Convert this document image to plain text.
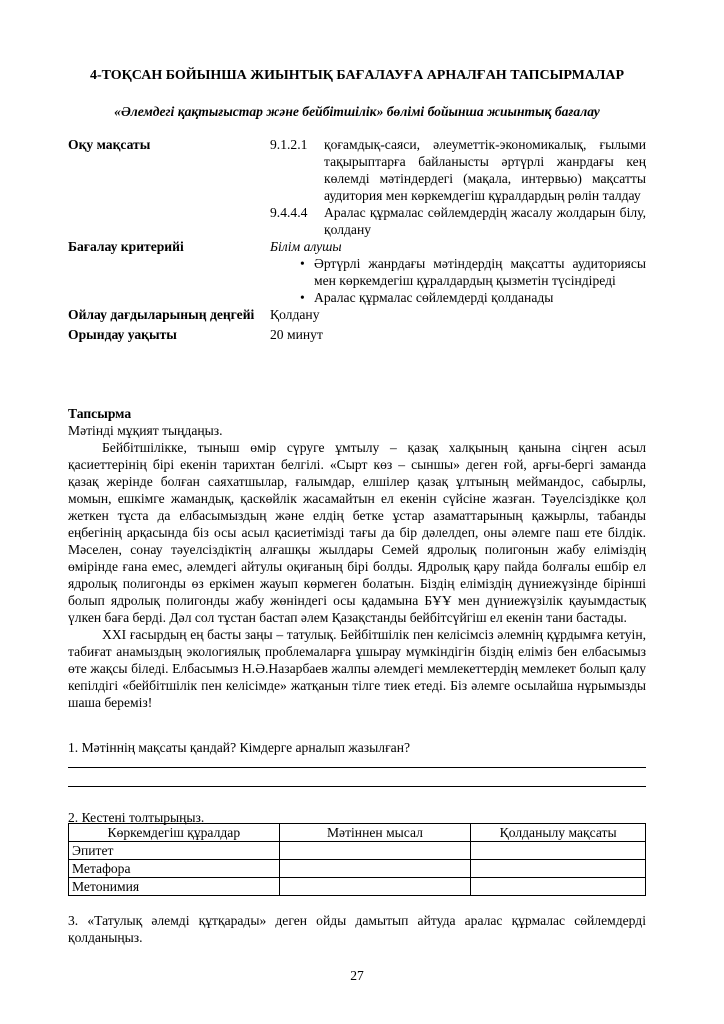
4-ТОҚСАН БОЙЫНША ЖИЫНТЫҚ БАҒАЛАУҒА АРНАЛҒАН ТАПСЫРМАЛАР
«Әлемдегі қақтығыстар және бейбітшілік» бөлімі бойынша жиынтық бағалау
Оқу мақсаты	9.1.2.1	қоғамдық-саяси, әлеуметтік-экономикалық, ғылыми тақырыптарға байланысты әртүрлі жанрдағы кең көлемді мәтіндердегі (мақала, интервью) мақсатты аудитория мен көркемдегіш құралдардың рөлін талдау
9.4.4.4	Аралас құрмалас сөйлемдердің жасалу жолдарын білу, қолдану
Бағалау критерийі	Білім алушы
• Әртүрлі жанрдағы мәтіндердің мақсатты аудиториясы мен көркемдегіш құралдардың қызметін түсіндіреді
• Аралас құрмалас сөйлемдерді қолданады
Ойлау дағдыларының деңгейі	Қолдану
Орындау уақыты	20 минут
Тапсырма
Мәтінді мұқият тыңдаңыз.

Бейбітшілікке, тыныш өмір сүруге ұмтылу – қазақ халқының қанына сіңген асыл қасиеттерінің бірі екенін тарихтан белгілі. «Сырт көз – сыншы» деген ғой, арғы-бергі заманда қазақ жерінде болған саяхатшылар, ғалымдар, елшілер қазақ ұлтының меймандос, сабырлы, момын, ешкімге жамандық, қаскөйлік жасамайтын ел екенін сүйсіне жазған. Тәуелсіздікке қол жеткен тұста да елбасымыздың және елдің бетке ұстар азаматтарының қажырлы, табанды еңбегінің арқасында біз осы асыл қасиетімізді тағы да бір дәлелдеп, оны әлемге паш ете білдік. Мәселен, сонау тәуелсіздіктің алғашқы жылдары Семей ядролық полигонын жабу еліміздің өмірінде ғана емес, әлемдегі айтулы оқиғаның бірі болды. Ядролық қару пайда болғалы ешбір ел ядролық полигонды өз еркімен жауып көрмеген болатын. Біздің еліміздің дүниежүзінде бірінші болып ядролық полигонды жабу жөніндегі осы қадамына БҰҰ мен дүниежүзілік қауымдастық үлкен баға берді. Дәл сол тұстан бастап әлем Қазақстанды бейбітсүйгіш ел екенін тани бастады.

XXI ғасырдың ең басты заңы – татулық. Бейбітшілік пен келісімсіз әлемнің құрдымға кетуін, табиғат анамыздың экологиялық проблемаларға ұшырау мүмкіндігін біздің еліміз бен елбасымыз өте жақсы біледі. Елбасымыз Н.Ә.Назарбаев жалпы әлемдегі мемлекеттердің мемлекет болып қалу кепілдігі «бейбітшілік пен келісімде» жатқанын тілге тиек етеді. Біз әлемге осылайша нұрымызды шаша береміз!

1. Мәтіннің мақсаты қандай? Кімдерге арналып жазылған?
2. Кестені толтырыңыз.
Көркемдегіш құралдар	Мәтіннен мысал	Қолданылу мақсаты
Эпитет		
Метафора		
Метонимия		
3. «Татулық әлемді құтқарады» деген ойды дамытып айтуда аралас құрмалас сөйлемдерді қолданыңыз.
27
